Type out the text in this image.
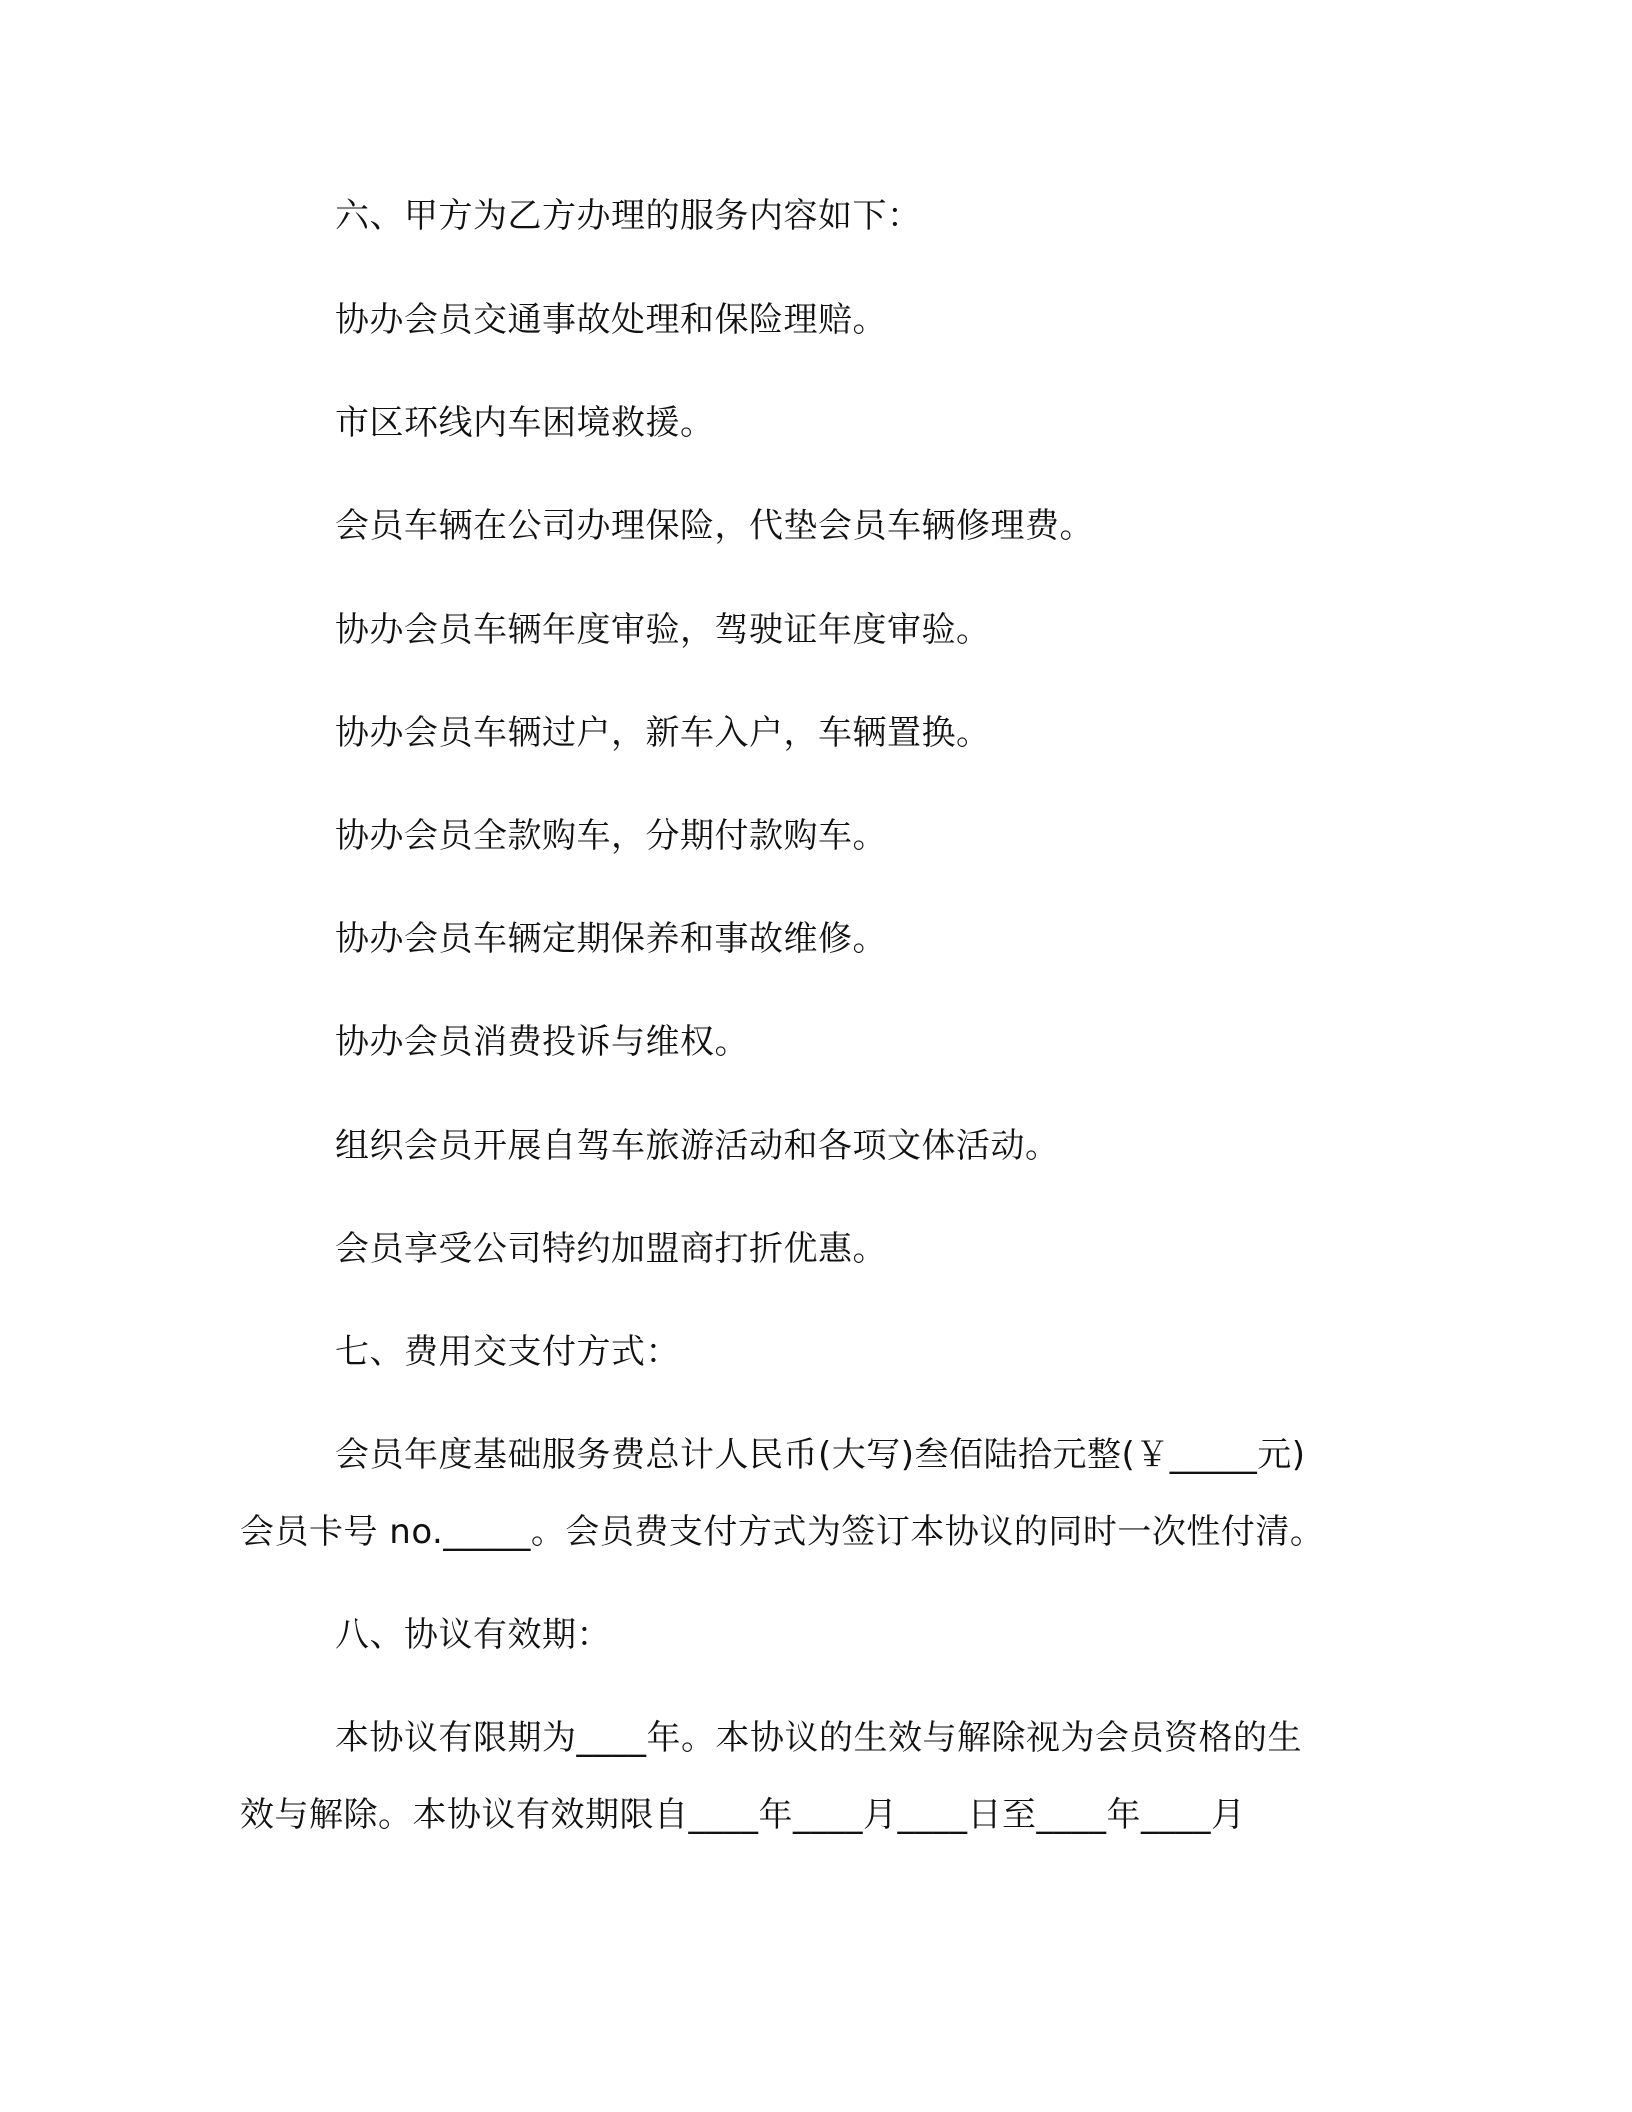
六、甲方为乙方办理的服务内容如下：
协办会员交通事故处理和保险理赔。
市区环线内车困境救援。
会员车辆在公司办理保险，代垫会员车辆修理费。
协办会员车辆年度审验，驾驶证年度审验。
协办会员车辆过户，新车入户，车辆置换。
协办会员全款购车，分期付款购车。
协办会员车辆定期保养和事故维修。
协办会员消费投诉与维权。
组织会员开展自驾车旅游活动和各项文体活动。
会员享受公司特约加盟商打折优惠。
七、费用交支付方式：
会员年度基础服务费总计人民币(大写)叁佰陆拾元整(￥_____元)
会员卡号 no._____。会员费支付方式为签订本协议的同时一次性付清。
八、协议有效期：
本协议有限期为____年。本协议的生效与解除视为会员资格的生
效与解除。本协议有效期限自____年____月____日至____年____月
